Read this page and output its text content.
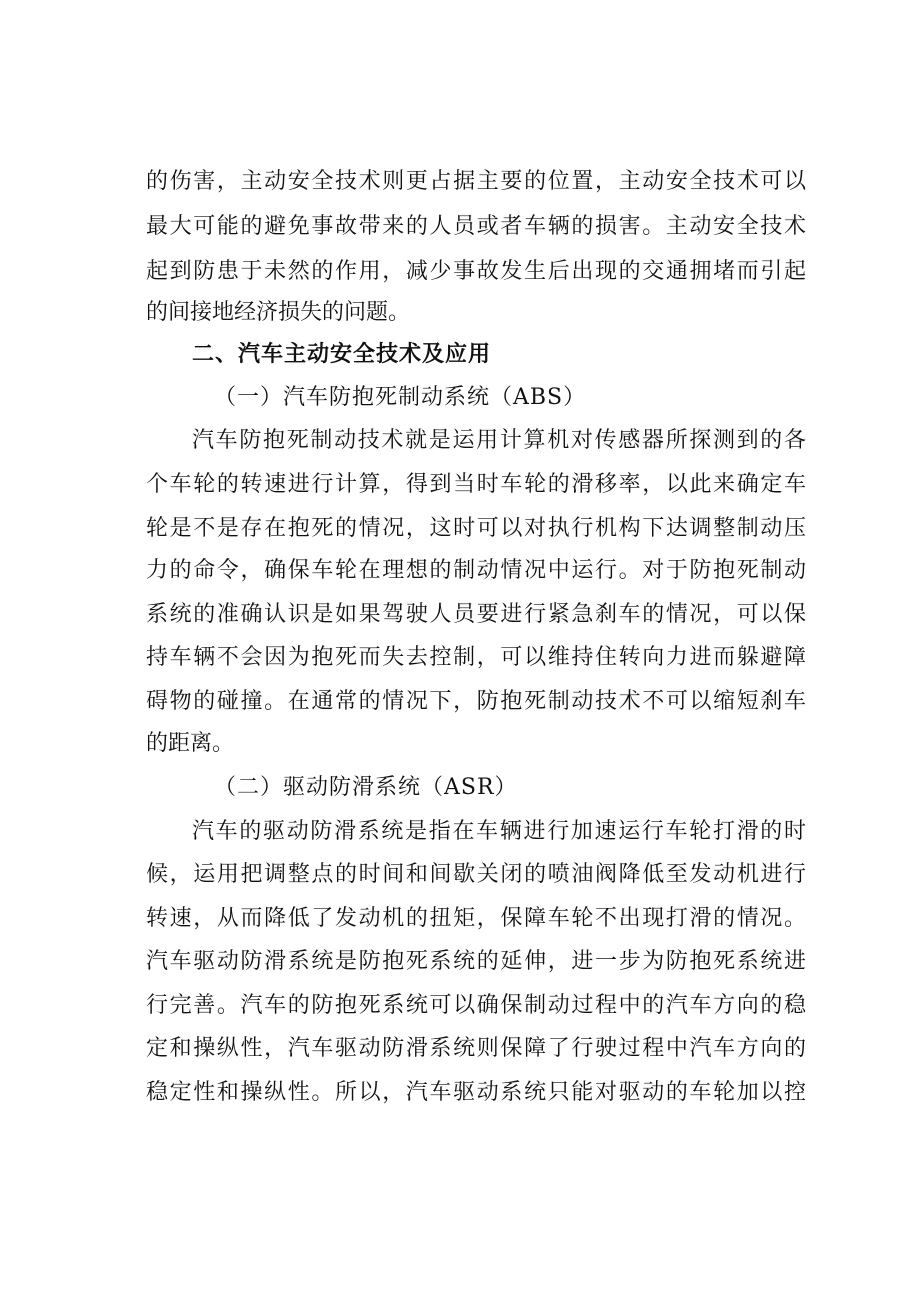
的伤害，主动安全技术则更占据主要的位置，主动安全技术可以
最大可能的避免事故带来的人员或者车辆的损害。主动安全技术
起到防患于未然的作用，减少事故发生后出现的交通拥堵而引起
的间接地经济损失的问题。
二、汽车主动安全技术及应用
（一）汽车防抱死制动系统（ABS）
汽车防抱死制动技术就是运用计算机对传感器所探测到的各
个车轮的转速进行计算，得到当时车轮的滑移率，以此来确定车
轮是不是存在抱死的情况，这时可以对执行机构下达调整制动压
力的命令，确保车轮在理想的制动情况中运行。对于防抱死制动
系统的准确认识是如果驾驶人员要进行紧急刹车的情况，可以保
持车辆不会因为抱死而失去控制，可以维持住转向力进而躲避障
碍物的碰撞。在通常的情况下，防抱死制动技术不可以缩短刹车
的距离。
（二）驱动防滑系统（ASR）
汽车的驱动防滑系统是指在车辆进行加速运行车轮打滑的时
候，运用把调整点的时间和间歇关闭的喷油阀降低至发动机进行
转速，从而降低了发动机的扭矩，保障车轮不出现打滑的情况。
汽车驱动防滑系统是防抱死系统的延伸，进一步为防抱死系统进
行完善。汽车的防抱死系统可以确保制动过程中的汽车方向的稳
定和操纵性，汽车驱动防滑系统则保障了行驶过程中汽车方向的
稳定性和操纵性。所以，汽车驱动系统只能对驱动的车轮加以控
